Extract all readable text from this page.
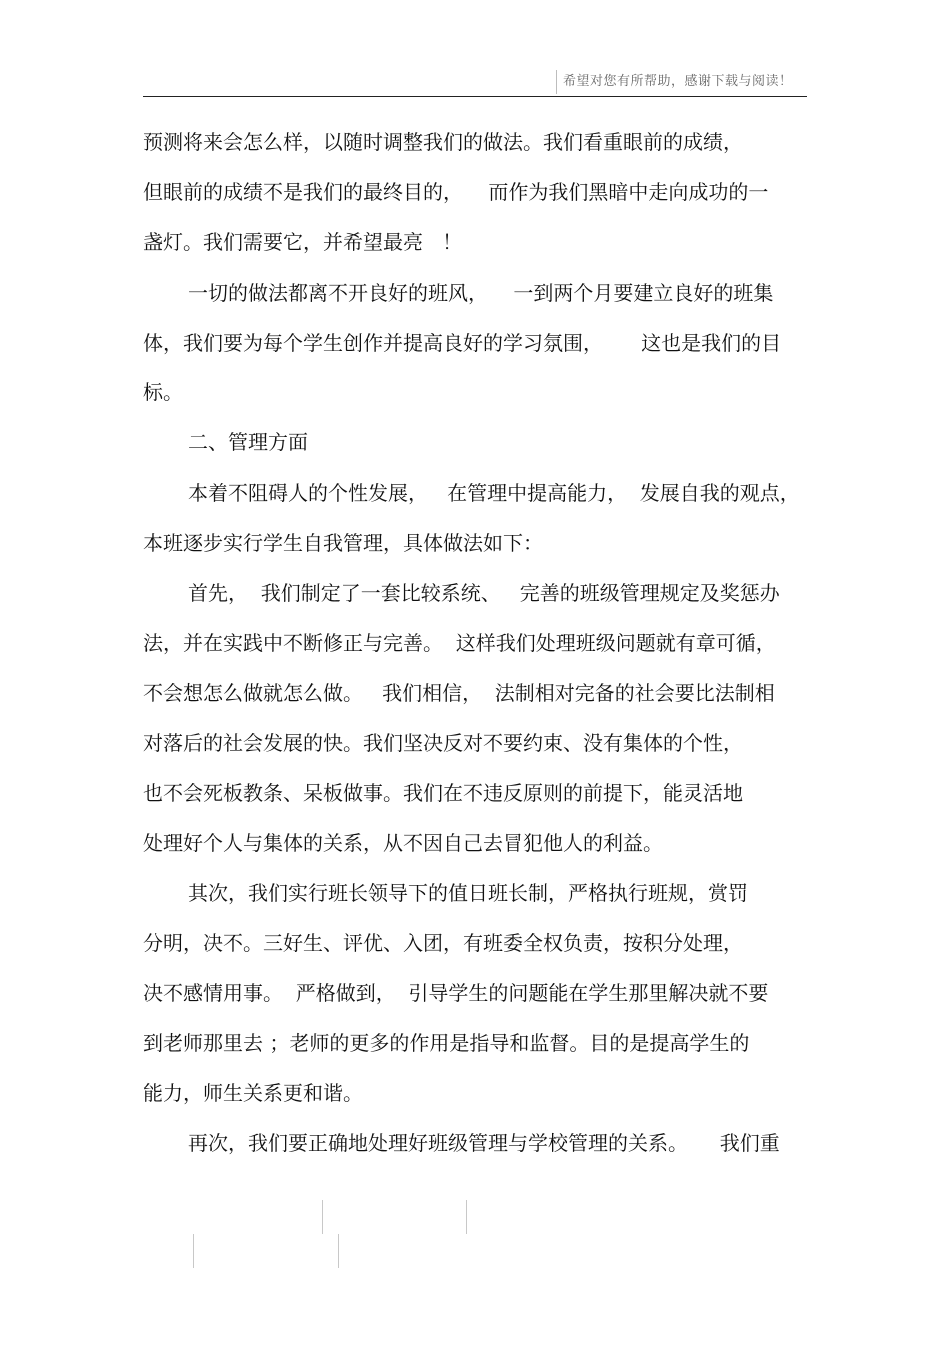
希望对您有所帮助，感谢下载与阅读！
预测将来会怎么样，以随时调整我们的做法。我们看重眼前的成绩，
但眼前的成绩不是我们的最终目的，    而作为我们黑暗中走向成功的一
盏灯。我们需要它，并希望最亮   ！
一切的做法都离不开良好的班风，    一到两个月要建立良好的班集
体，我们要为每个学生创作并提高良好的学习氛围，      这也是我们的目
标。
二、管理方面
本着不阻碍人的个性发展，   在管理中提高能力，  发展自我的观点，
本班逐步实行学生自我管理，具体做法如下：
首先，  我们制定了一套比较系统、   完善的班级管理规定及奖惩办
法，并在实践中不断修正与完善。  这样我们处理班级问题就有章可循，
不会想怎么做就怎么做。   我们相信，  法制相对完备的社会要比法制相
对落后的社会发展的快。我们坚决反对不要约束、没有集体的个性，
也不会死板教条、呆板做事。我们在不违反原则的前提下，能灵活地
处理好个人与集体的关系，从不因自己去冒犯他人的利益。
其次，我们实行班长领导下的值日班长制，严格执行班规，赏罚
分明，决不。三好生、评优、入团，有班委全权负责，按积分处理，
决不感情用事。  严格做到，  引导学生的问题能在学生那里解决就不要
到老师那里去 ；老师的更多的作用是指导和监督。目的是提高学生的
能力，师生关系更和谐。
再次，我们要正确地处理好班级管理与学校管理的关系。     我们重
